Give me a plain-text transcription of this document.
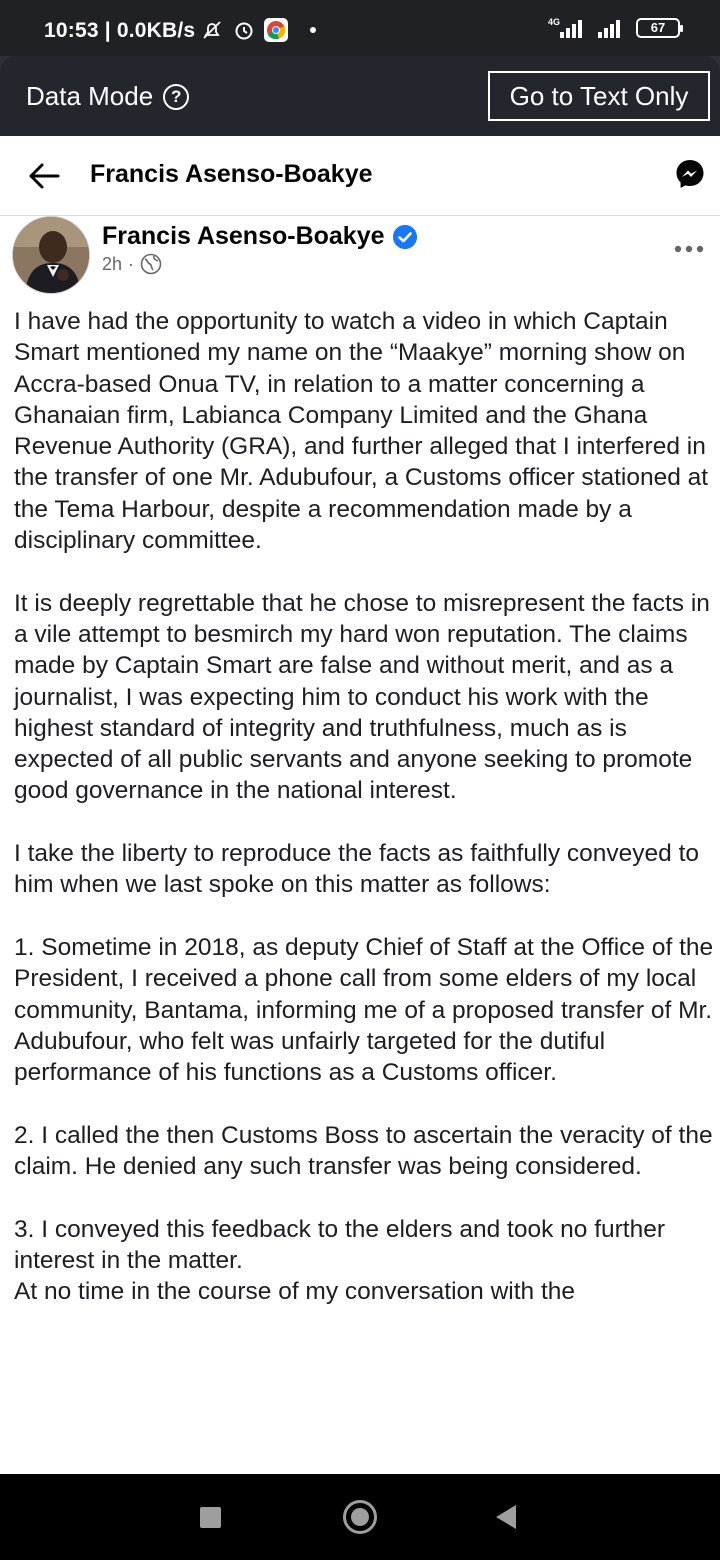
10:53 | 0.0KB/s	4G	67
Data Mode	?	Go to Text Only
Francis Asenso-Boakye
Francis Asenso-Boakye
2h ·

I have had the opportunity to watch a video in which Captain Smart mentioned my name on the “Maakye” morning show on Accra-based Onua TV, in relation to a matter concerning a Ghanaian firm, Labianca Company Limited and the Ghana Revenue Authority (GRA), and further alleged that I interfered in the transfer of one Mr. Adubufour, a Customs officer stationed at the Tema Harbour, despite a recommendation made by a disciplinary committee.

It is deeply regrettable that he chose to misrepresent the facts in a vile attempt to besmirch my hard won reputation. The claims made by Captain Smart are false and without merit, and as a journalist, I was expecting him to conduct his work with the highest standard of integrity and truthfulness, much as is expected of all public servants and anyone seeking to promote good governance in the national interest.

I take the liberty to reproduce the facts as faithfully conveyed to him when we last spoke on this matter as follows:

1. Sometime in 2018, as deputy Chief of Staff at the Office of the President, I received a phone call from some elders of my local community, Bantama, informing me of a proposed transfer of Mr. Adubufour, who felt was unfairly targeted for the dutiful performance of his functions as a Customs officer.

2. I called the then Customs Boss to ascertain the veracity of the claim. He denied any such transfer was being considered.

3. I conveyed this feedback to the elders and took no further interest in the matter.

At no time in the course of my conversation with the
